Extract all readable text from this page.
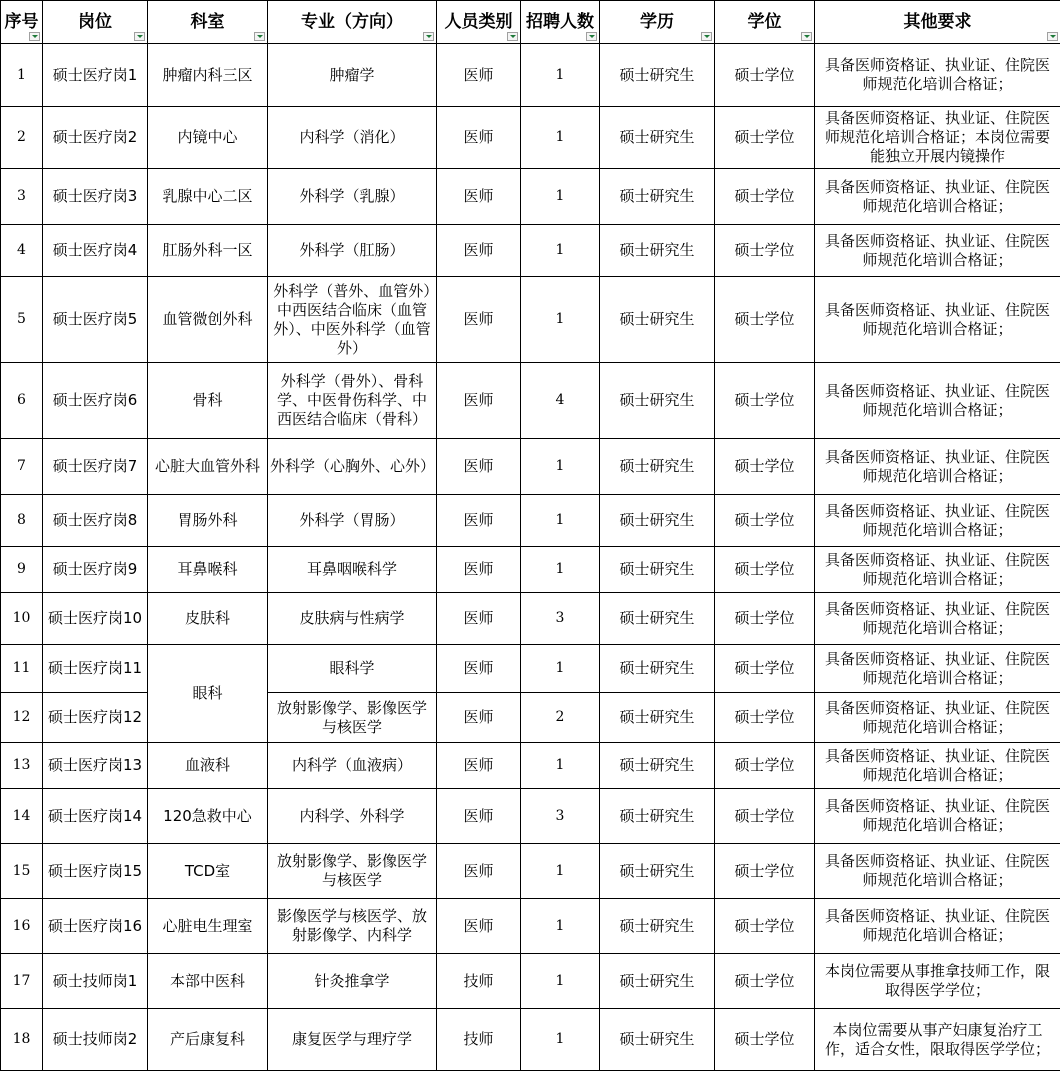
序号	岗位	科室	专业（方向）	人员类别	招聘人数	学历	学位	其他要求

1	硕士医疗岗1	肿瘤内科三区	肿瘤学	医师	1	硕士研究生	硕士学位	具备医师资格证、执业证、住院医师规范化培训合格证；
2	硕士医疗岗2	内镜中心	内科学（消化）	医师	1	硕士研究生	硕士学位	具备医师资格证、执业证、住院医师规范化培训合格证；本岗位需要能独立开展内镜操作
3	硕士医疗岗3	乳腺中心二区	外科学（乳腺）	医师	1	硕士研究生	硕士学位	具备医师资格证、执业证、住院医师规范化培训合格证；
4	硕士医疗岗4	肛肠外科一区	外科学（肛肠）	医师	1	硕士研究生	硕士学位	具备医师资格证、执业证、住院医师规范化培训合格证；
5	硕士医疗岗5	血管微创外科	外科学（普外、血管外）中西医结合临床（血管外）、中医外科学（血管外）	医师	1	硕士研究生	硕士学位	具备医师资格证、执业证、住院医师规范化培训合格证；
6	硕士医疗岗6	骨科	外科学（骨外）、骨科学、中医骨伤科学、中西医结合临床（骨科）	医师	4	硕士研究生	硕士学位	具备医师资格证、执业证、住院医师规范化培训合格证；
7	硕士医疗岗7	心脏大血管外科	外科学（心胸外、心外）	医师	1	硕士研究生	硕士学位	具备医师资格证、执业证、住院医师规范化培训合格证；
8	硕士医疗岗8	胃肠外科	外科学（胃肠）	医师	1	硕士研究生	硕士学位	具备医师资格证、执业证、住院医师规范化培训合格证；
9	硕士医疗岗9	耳鼻喉科	耳鼻咽喉科学	医师	1	硕士研究生	硕士学位	具备医师资格证、执业证、住院医师规范化培训合格证；
10	硕士医疗岗10	皮肤科	皮肤病与性病学	医师	3	硕士研究生	硕士学位	具备医师资格证、执业证、住院医师规范化培训合格证；
11	硕士医疗岗11	眼科	眼科学	医师	1	硕士研究生	硕士学位	具备医师资格证、执业证、住院医师规范化培训合格证；
12	硕士医疗岗12		放射影像学、影像医学与核医学	医师	2	硕士研究生	硕士学位	具备医师资格证、执业证、住院医师规范化培训合格证；
13	硕士医疗岗13	血液科	内科学（血液病）	医师	1	硕士研究生	硕士学位	具备医师资格证、执业证、住院医师规范化培训合格证；
14	硕士医疗岗14	120急救中心	内科学、外科学	医师	3	硕士研究生	硕士学位	具备医师资格证、执业证、住院医师规范化培训合格证；
15	硕士医疗岗15	TCD室	放射影像学、影像医学与核医学	医师	1	硕士研究生	硕士学位	具备医师资格证、执业证、住院医师规范化培训合格证；
16	硕士医疗岗16	心脏电生理室	影像医学与核医学、放射影像学、内科学	医师	1	硕士研究生	硕士学位	具备医师资格证、执业证、住院医师规范化培训合格证；
17	硕士技师岗1	本部中医科	针灸推拿学	技师	1	硕士研究生	硕士学位	本岗位需要从事推拿技师工作，限取得医学学位；
18	硕士技师岗2	产后康复科	康复医学与理疗学	技师	1	硕士研究生	硕士学位	本岗位需要从事产妇康复治疗工作，适合女性，限取得医学学位；
